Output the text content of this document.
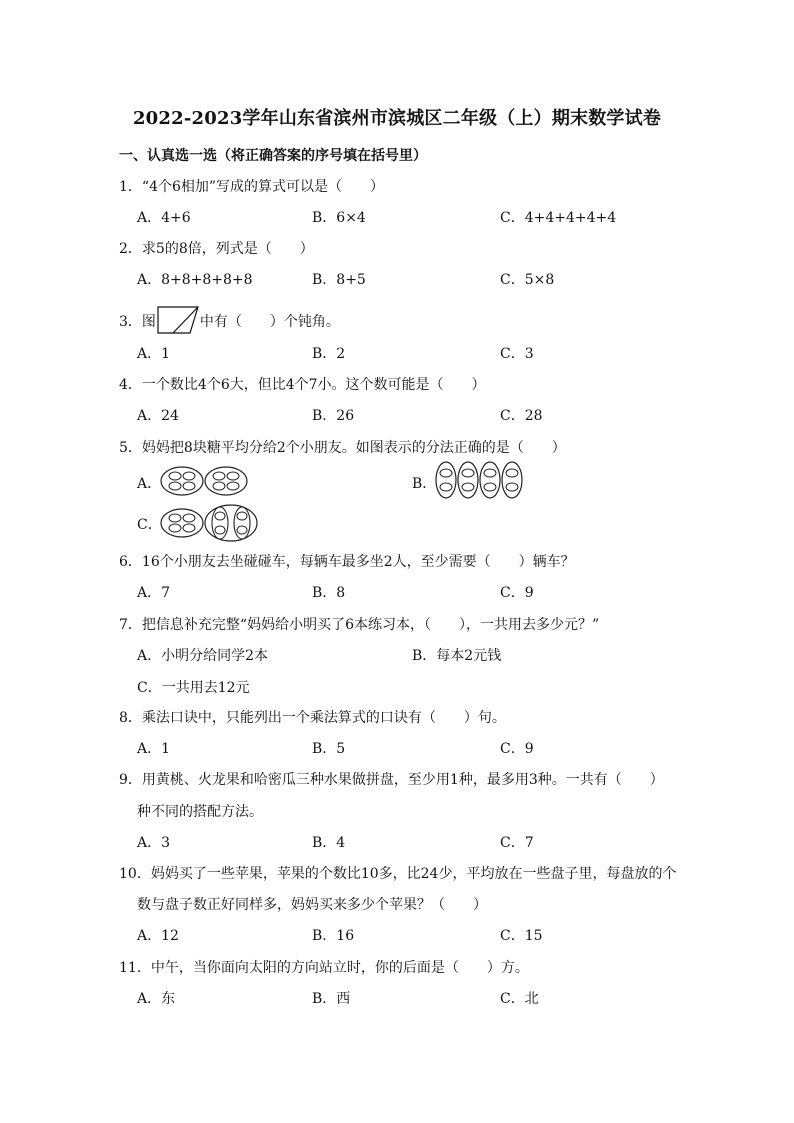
2022-2023学年山东省滨州市滨城区二年级（上）期末数学试卷
一、认真选一选（将正确答案的序号填在括号里）
1．“4个6相加”写成的算式可以是（　　）
A．4+6	B．6×4	C．4+4+4+4+4
2．求5的8倍，列式是（　　）
A．8+8+8+8+8	B．8+5	C．5×8
3．图	中有（　　）个钝角。
A．1	B．2	C．3
4．一个数比4个6大，但比4个7小。这个数可能是（　　）
A．24	B．26	C．28
5．妈妈把8块糖平均分给2个小朋友。如图表示的分法正确的是（　　）
A．	B．
C．
6．16个小朋友去坐碰碰车，每辆车最多坐2人，至少需要（　　）辆车？
A．7	B．8	C．9
7．把信息补充完整“妈妈给小明买了6本练习本，（　　），一共用去多少元？”
A．小明分给同学2本	B．每本2元钱
C．一共用去12元
8．乘法口诀中，只能列出一个乘法算式的口诀有（　　）句。
A．1	B．5	C．9
9．用黄桃、火龙果和哈密瓜三种水果做拼盘，至少用1种，最多用3种。一共有（　　）
种不同的搭配方法。
A．3	B．4	C．7
10．妈妈买了一些苹果，苹果的个数比10多，比24少，平均放在一些盘子里，每盘放的个
数与盘子数正好同样多，妈妈买来多少个苹果？（　　）
A．12	B．16	C．15
11．中午，当你面向太阳的方向站立时，你的后面是（　　）方。
A．东	B．西	C．北
